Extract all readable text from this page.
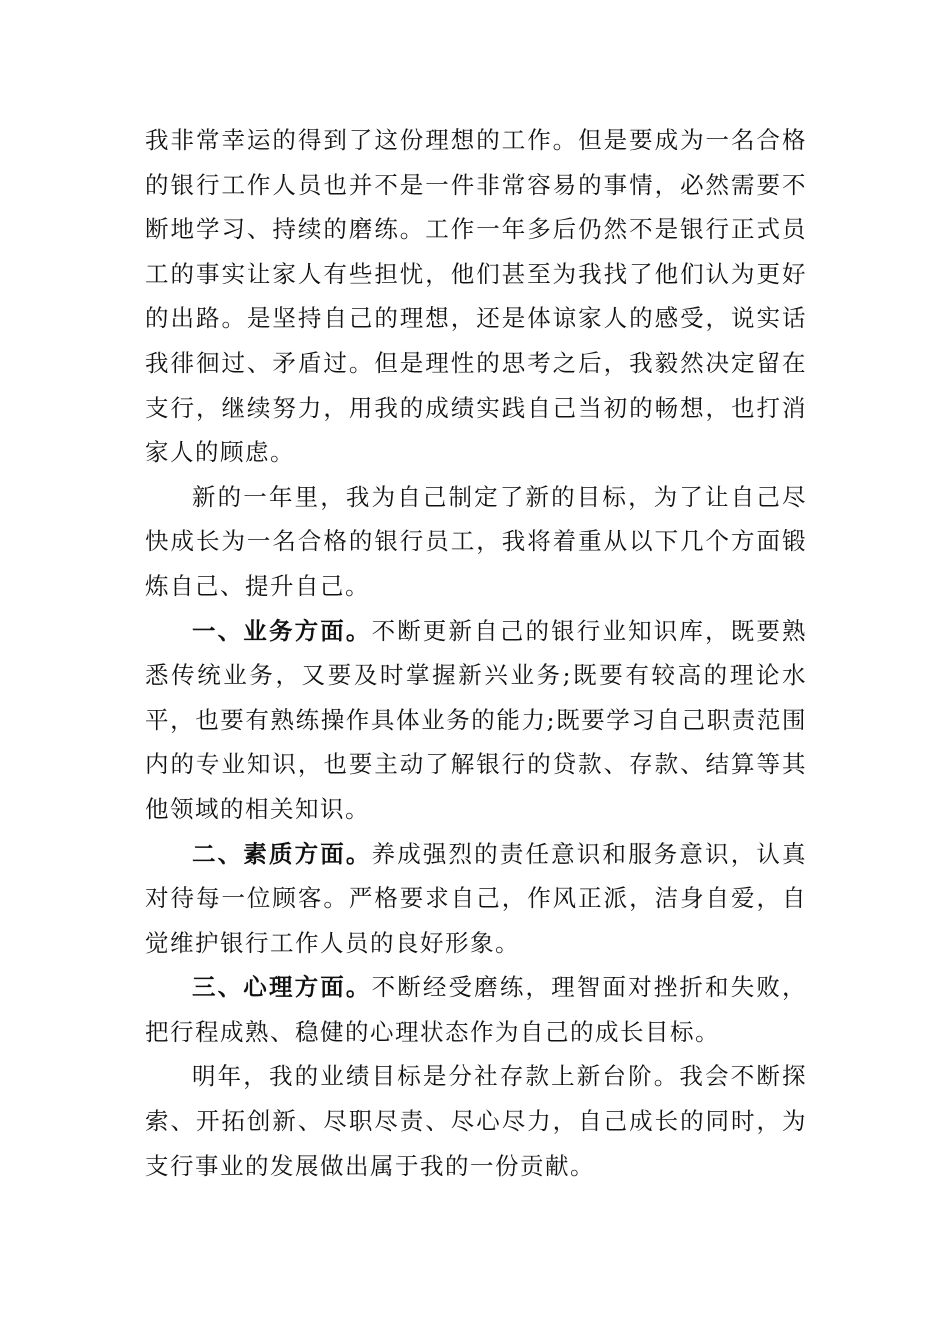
我非常幸运的得到了这份理想的工作。但是要成为一名合格的银行工作人员也并不是一件非常容易的事情，必然需要不断地学习、持续的磨练。工作一年多后仍然不是银行正式员工的事实让家人有些担忧，他们甚至为我找了他们认为更好的出路。是坚持自己的理想，还是体谅家人的感受，说实话我徘徊过、矛盾过。但是理性的思考之后，我毅然决定留在支行，继续努力，用我的成绩实践自己当初的畅想，也打消家人的顾虑。

新的一年里，我为自己制定了新的目标，为了让自己尽快成长为一名合格的银行员工，我将着重从以下几个方面锻炼自己、提升自己。

一、业务方面。不断更新自己的银行业知识库，既要熟悉传统业务，又要及时掌握新兴业务;既要有较高的理论水平，也要有熟练操作具体业务的能力;既要学习自己职责范围内的专业知识，也要主动了解银行的贷款、存款、结算等其他领域的相关知识。

二、素质方面。养成强烈的责任意识和服务意识，认真对待每一位顾客。严格要求自己，作风正派，洁身自爱，自觉维护银行工作人员的良好形象。

三、心理方面。不断经受磨练，理智面对挫折和失败，把行程成熟、稳健的心理状态作为自己的成长目标。

明年，我的业绩目标是分社存款上新台阶。我会不断探索、开拓创新、尽职尽责、尽心尽力，自己成长的同时，为支行事业的发展做出属于我的一份贡献。
